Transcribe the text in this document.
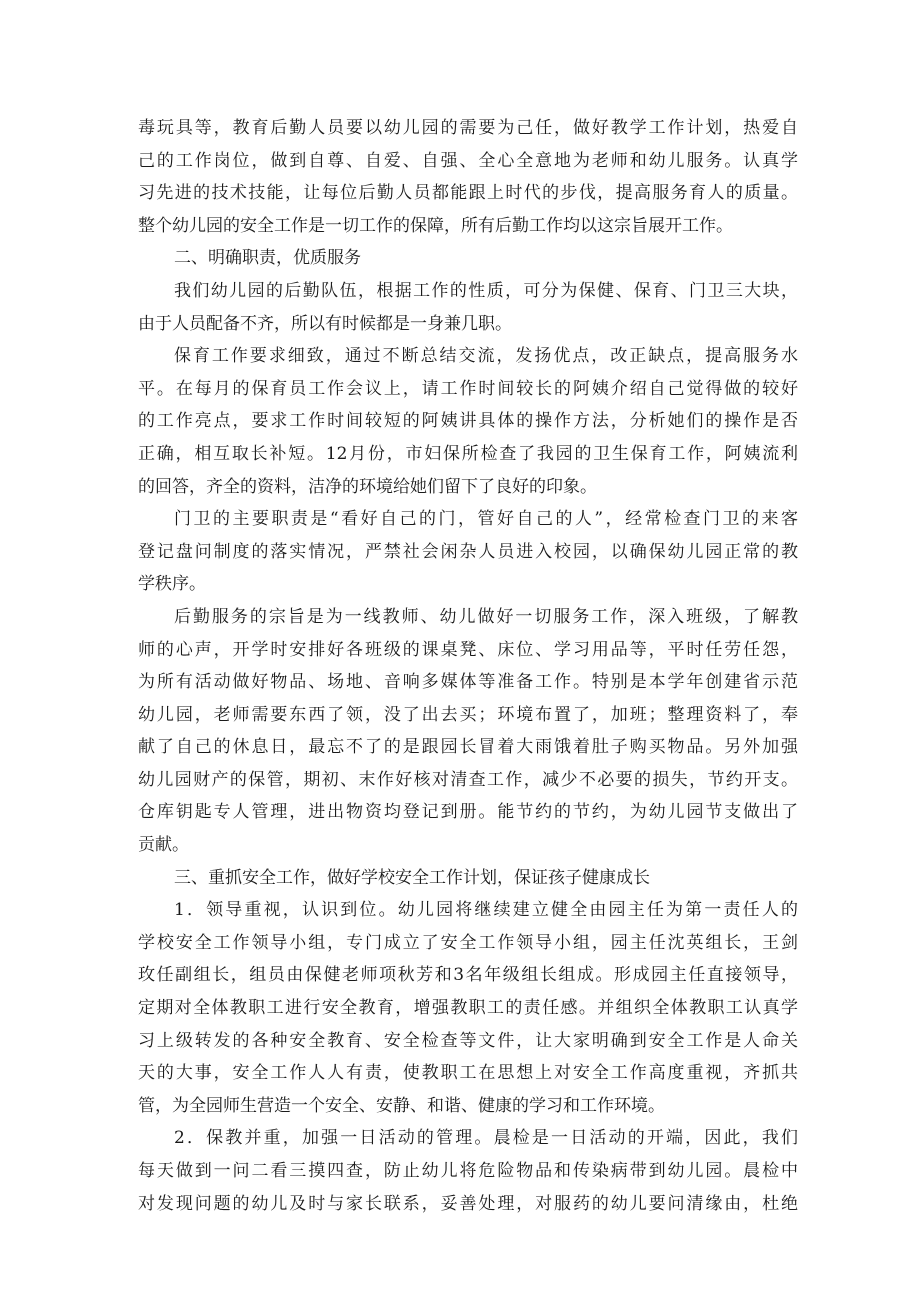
毒玩具等，教育后勤人员要以幼儿园的需要为己任，做好教学工作计划，热爱自
己的工作岗位，做到自尊、自爱、自强、全心全意地为老师和幼儿服务。认真学
习先进的技术技能，让每位后勤人员都能跟上时代的步伐，提高服务育人的质量。
整个幼儿园的安全工作是一切工作的保障，所有后勤工作均以这宗旨展开工作。
二、明确职责，优质服务
我们幼儿园的后勤队伍，根据工作的性质，可分为保健、保育、门卫三大块，
由于人员配备不齐，所以有时候都是一身兼几职。
保育工作要求细致，通过不断总结交流，发扬优点，改正缺点，提高服务水
平。在每月的保育员工作会议上，请工作时间较长的阿姨介绍自己觉得做的较好
的工作亮点，要求工作时间较短的阿姨讲具体的操作方法，分析她们的操作是否
正确，相互取长补短。12月份，市妇保所检查了我园的卫生保育工作，阿姨流利
的回答，齐全的资料，洁净的环境给她们留下了良好的印象。
门卫的主要职责是“看好自己的门，管好自己的人”，经常检查门卫的来客
登记盘问制度的落实情况，严禁社会闲杂人员进入校园，以确保幼儿园正常的教
学秩序。
后勤服务的宗旨是为一线教师、幼儿做好一切服务工作，深入班级，了解教
师的心声，开学时安排好各班级的课桌凳、床位、学习用品等，平时任劳任怨，
为所有活动做好物品、场地、音响多媒体等准备工作。特别是本学年创建省示范
幼儿园，老师需要东西了领，没了出去买；环境布置了，加班；整理资料了，奉
献了自己的休息日，最忘不了的是跟园长冒着大雨饿着肚子购买物品。另外加强
幼儿园财产的保管，期初、末作好核对清查工作，减少不必要的损失，节约开支。
仓库钥匙专人管理，进出物资均登记到册。能节约的节约，为幼儿园节支做出了
贡献。
三、重抓安全工作，做好学校安全工作计划，保证孩子健康成长
1．领导重视，认识到位。幼儿园将继续建立健全由园主任为第一责任人的
学校安全工作领导小组，专门成立了安全工作领导小组，园主任沈英组长，王剑
玫任副组长，组员由保健老师项秋芳和3名年级组长组成。形成园主任直接领导，
定期对全体教职工进行安全教育，增强教职工的责任感。并组织全体教职工认真学
习上级转发的各种安全教育、安全检查等文件，让大家明确到安全工作是人命关
天的大事，安全工作人人有责，使教职工在思想上对安全工作高度重视，齐抓共
管，为全园师生营造一个安全、安静、和谐、健康的学习和工作环境。
2．保教并重，加强一日活动的管理。晨检是一日活动的开端，因此，我们
每天做到一问二看三摸四查，防止幼儿将危险物品和传染病带到幼儿园。晨检中
对发现问题的幼儿及时与家长联系，妥善处理，对服药的幼儿要问清缘由，杜绝
